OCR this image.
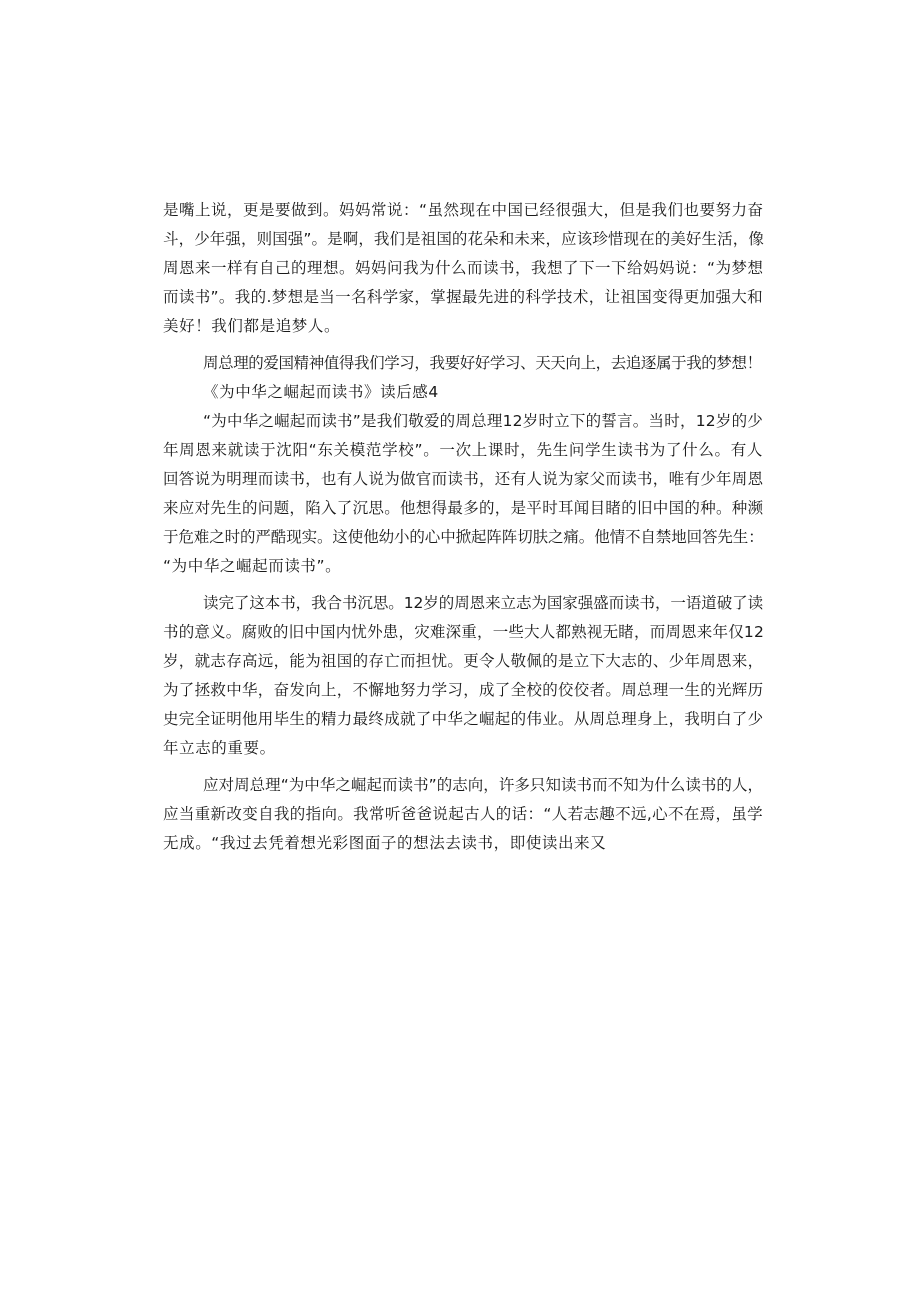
是嘴上说，更是要做到。妈妈常说：“虽然现在中国已经很强大，但是我们也要努力奋
斗，少年强，则国强”。是啊，我们是祖国的花朵和未来，应该珍惜现在的美好生活，像
周恩来一样有自己的理想。妈妈问我为什么而读书，我想了下一下给妈妈说：“为梦想
而读书”。我的.梦想是当一名科学家，掌握最先进的科学技术，让祖国变得更加强大和
美好！我们都是追梦人。
周总理的爱国精神值得我们学习，我要好好学习、天天向上，去追逐属于我的梦想！
《为中华之崛起而读书》读后感4
“为中华之崛起而读书”是我们敬爱的周总理12岁时立下的誓言。当时，12岁的少
年周恩来就读于沈阳“东关模范学校”。一次上课时，先生问学生读书为了什么。有人
回答说为明理而读书，也有人说为做官而读书，还有人说为家父而读书，唯有少年周恩
来应对先生的问题，陷入了沉思。他想得最多的，是平时耳闻目睹的旧中国的种。种濒
于危难之时的严酷现实。这使他幼小的心中掀起阵阵切肤之痛。他情不自禁地回答先生：
“为中华之崛起而读书”。
读完了这本书，我合书沉思。12岁的周恩来立志为国家强盛而读书，一语道破了读
书的意义。腐败的旧中国内忧外患，灾难深重，一些大人都熟视无睹，而周恩来年仅12
岁，就志存高远，能为祖国的存亡而担忧。更令人敬佩的是立下大志的、少年周恩来，
为了拯救中华，奋发向上，不懈地努力学习，成了全校的佼佼者。周总理一生的光辉历
史完全证明他用毕生的精力最终成就了中华之崛起的伟业。从周总理身上，我明白了少
年立志的重要。
应对周总理“为中华之崛起而读书”的志向，许多只知读书而不知为什么读书的人，
应当重新改变自我的指向。我常听爸爸说起古人的话：“人若志趣不远,心不在焉，虽学
无成。“我过去凭着想光彩图面子的想法去读书，即使读出来又
